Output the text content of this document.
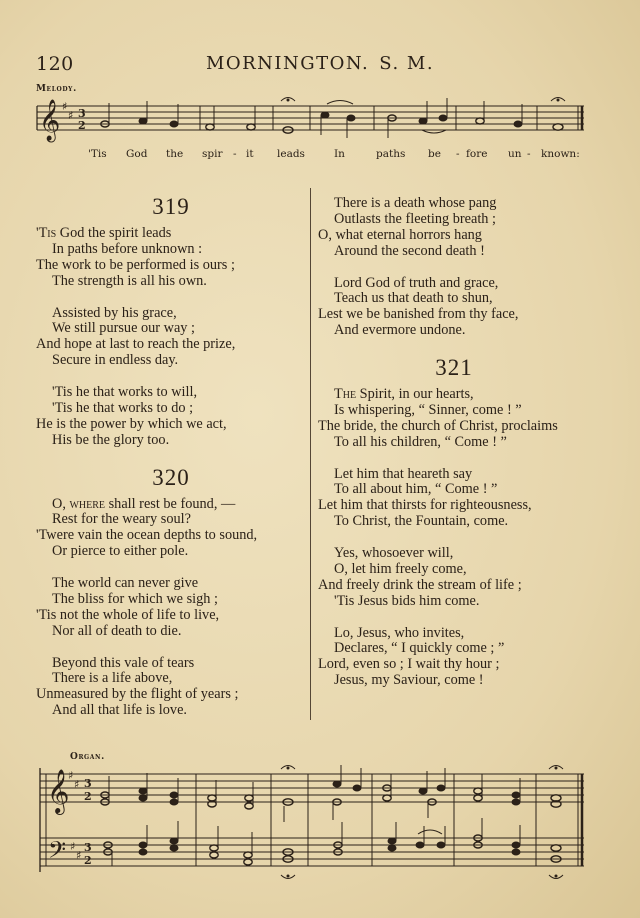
120	MORNINGTON. S. M.
Melody.
𝄞 ♯
♯ 3
2
'Tis God the spir - it leads	In	paths be - fore un - known:
319
'Tis God the spirit leads
In paths before unknown :
The work to be performed is ours ;
The strength is all his own.
Assisted by his grace,
We still pursue our way ;
And hope at last to reach the prize,
Secure in endless day.
'Tis he that works to will,
'Tis he that works to do ;
He is the power by which we act,
His be the glory too.
320
O, where shall rest be found, —
Rest for the weary soul?
'Twere vain the ocean depths to sound,
Or pierce to either pole.
The world can never give
The bliss for which we sigh ;
'Tis not the whole of life to live,
Nor all of death to die.
Beyond this vale of tears
There is a life above,
Unmeasured by the flight of years ;
And all that life is love.
There is a death whose pang
Outlasts the fleeting breath ;
O, what eternal horrors hang
Around the second death !
Lord God of truth and grace,
Teach us that death to shun,
Lest we be banished from thy face,
And evermore undone.
321
The Spirit, in our hearts,
Is whispering, “ Sinner, come ! ”
The bride, the church of Christ, proclaims
To all his children, “ Come ! ”
Let him that heareth say
To all about him, “ Come ! ”
Let him that thirsts for righteousness,
To Christ, the Fountain, come.
Yes, whosoever will,
O, let him freely come,
And freely drink the stream of life ;
'Tis Jesus bids him come.
Lo, Jesus, who invites,
Declares, “ I quickly come ; ”
Lord, even so ; I wait thy hour ;
Jesus, my Saviour, come !
Organ.
𝄞
𝄢
♯
♯
♯
♯
3
2
3
2
